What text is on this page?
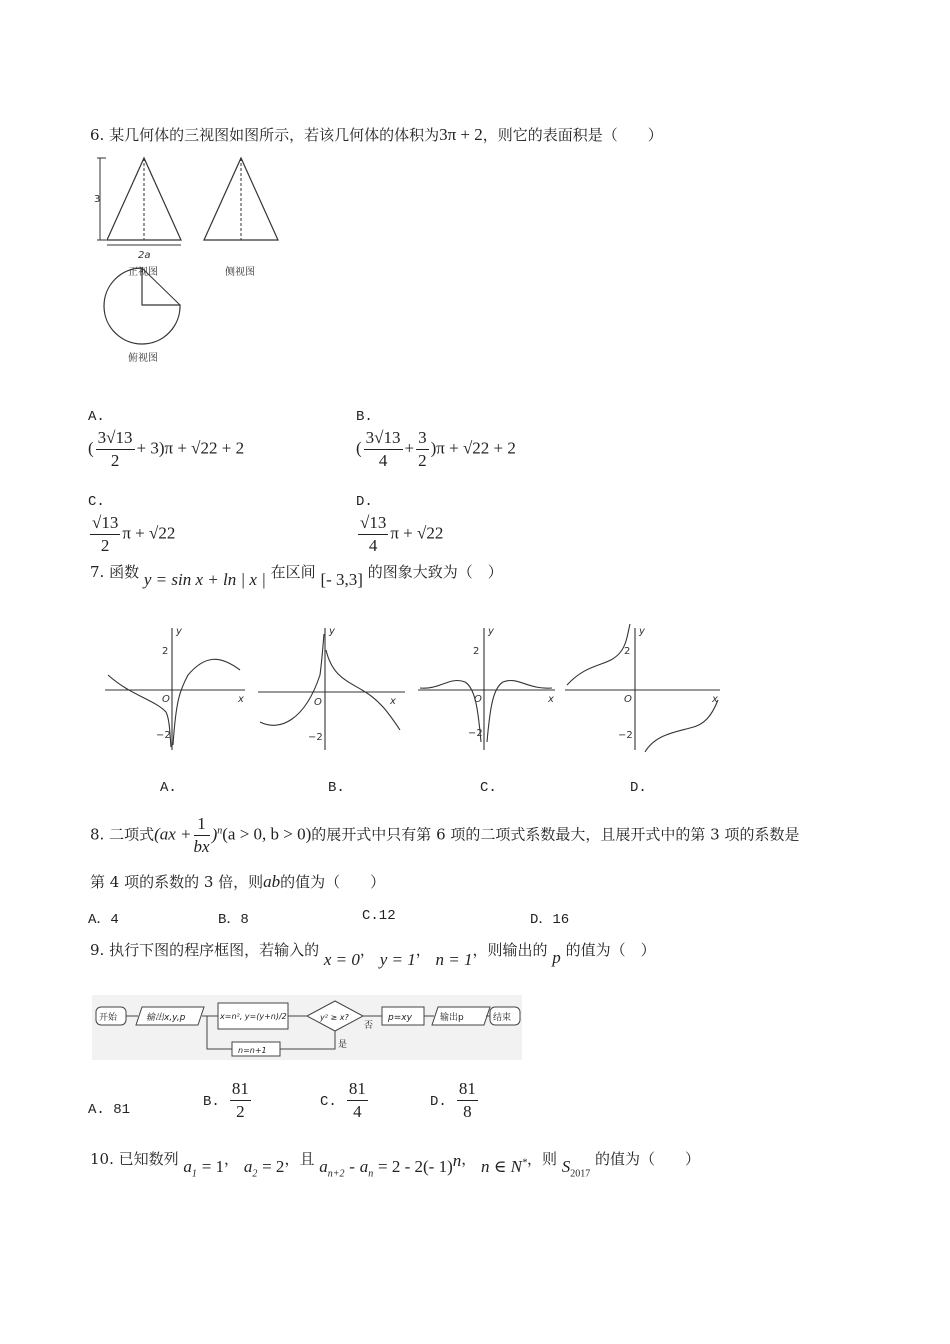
6. 某几何体的三视图如图所示，若该几何体的体积为3π + 2，则它的表面积是（　　）
3
2a
正视图	侧视图
俯视图
A.
( $\frac{3√13}{2} + 3)\pi + √22 + 2$
B.
( $\frac{3√13}{4} + \frac{3}{2} )\pi + √22 + 2$
C.

$\frac{√13}{2}$ π + √22
D.

$\frac{√13}{4}$ π + √22
7. 函数 y = sin x + ln | x | 在区间 [- 3,3] 的图象大致为（　）
y
x
O
2
−2
y
x
O
−2
y
x
O
2
−2
y
x
O
2
−2
A.	B.	C.	D.
8. 二项式$(ax + \frac{1}{bx} )^n(a > 0$, b > 0)的展开式中只有第 6 项的二项式系数最大，且展开式中的第 3 项的系数是
第 4 项的系数的 3 倍，则ab的值为（　　）
A．4	B．8	C.12	D．16
9. 执行下图的程序框图，若输入的 x = 0， y = 1， n = 1，则输出的 p 的值为（　）
开始	输出x,y,p	x=n², y=(y+n)/2	y² ≥ x?
否
是
p=xy	输出p	结束
n=n+1
A. 81	B. $\frac{81}{2}$	C. $\frac{81}{4}$	D. $\frac{81}{8}$
10. 已知数列 $a_1 = 1$， $a_2 = 2$，且 $a_{n+2} - a_n = 2 - 2(-$ 1)$^n$， n ∈ N*，则 $S_{2017}$ 的值为（　　）
